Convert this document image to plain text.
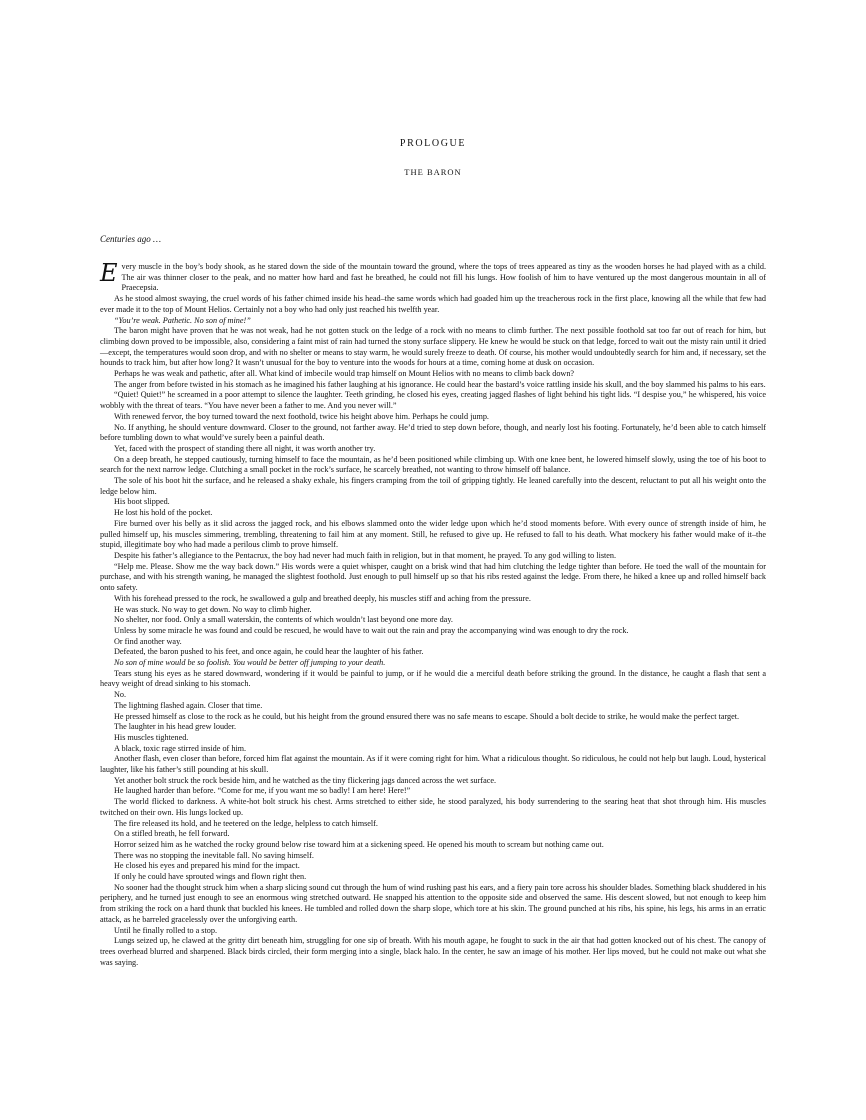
PROLOGUE
THE BARON
Centuries ago …

Every muscle in the boy’s body shook, as he stared down the side of the mountain toward the ground, where the tops of trees appeared as tiny as the wooden horses he had played with as a child. The air was thinner closer to the peak, and no matter how hard and fast he breathed, he could not fill his lungs. How foolish of him to have ventured up the most dangerous mountain in all of Praecepsia.

As he stood almost swaying, the cruel words of his father chimed inside his head–the same words which had goaded him up the treacherous rock in the first place, knowing all the while that few had ever made it to the top of Mount Helios. Certainly not a boy who had only just reached his twelfth year.

“You’re weak. Pathetic. No son of mine!”

The baron might have proven that he was not weak, had he not gotten stuck on the ledge of a rock with no means to climb further. The next possible foothold sat too far out of reach for him, but climbing down proved to be impossible, also, considering a faint mist of rain had turned the stony surface slippery. He knew he would be stuck on that ledge, forced to wait out the misty rain until it dried—except, the temperatures would soon drop, and with no shelter or means to stay warm, he would surely freeze to death. Of course, his mother would undoubtedly search for him and, if necessary, set the hounds to track him, but after how long? It wasn’t unusual for the boy to venture into the woods for hours at a time, coming home at dusk on occasion.

Perhaps he was weak and pathetic, after all. What kind of imbecile would trap himself on Mount Helios with no means to climb back down?

The anger from before twisted in his stomach as he imagined his father laughing at his ignorance. He could hear the bastard’s voice rattling inside his skull, and the boy slammed his palms to his ears.

“Quiet! Quiet!” he screamed in a poor attempt to silence the laughter. Teeth grinding, he closed his eyes, creating jagged flashes of light behind his tight lids. “I despise you,” he whispered, his voice wobbly with the threat of tears. “You have never been a father to me. And you never will.”

With renewed fervor, the boy turned toward the next foothold, twice his height above him. Perhaps he could jump.

No. If anything, he should venture downward. Closer to the ground, not farther away. He’d tried to step down before, though, and nearly lost his footing. Fortunately, he’d been able to catch himself before tumbling down to what would’ve surely been a painful death.

Yet, faced with the prospect of standing there all night, it was worth another try.

On a deep breath, he stepped cautiously, turning himself to face the mountain, as he’d been positioned while climbing up. With one knee bent, he lowered himself slowly, using the toe of his boot to search for the next narrow ledge. Clutching a small pocket in the rock’s surface, he scarcely breathed, not wanting to throw himself off balance.

The sole of his boot hit the surface, and he released a shaky exhale, his fingers cramping from the toil of gripping tightly. He leaned carefully into the descent, reluctant to put all his weight onto the ledge below him.

His boot slipped.

He lost his hold of the pocket.

Fire burned over his belly as it slid across the jagged rock, and his elbows slammed onto the wider ledge upon which he’d stood moments before. With every ounce of strength inside of him, he pulled himself up, his muscles simmering, trembling, threatening to fail him at any moment. Still, he refused to give up. He refused to fall to his death. What mockery his father would make of it–the stupid, illegitimate boy who had made a perilous climb to prove himself.

Despite his father’s allegiance to the Pentacrux, the boy had never had much faith in religion, but in that moment, he prayed. To any god willing to listen.

“Help me. Please. Show me the way back down.” His words were a quiet whisper, caught on a brisk wind that had him clutching the ledge tighter than before. He toed the wall of the mountain for purchase, and with his strength waning, he managed the slightest foothold. Just enough to pull himself up so that his ribs rested against the ledge. From there, he hiked a knee up and rolled himself back onto safety.

With his forehead pressed to the rock, he swallowed a gulp and breathed deeply, his muscles stiff and aching from the pressure.

He was stuck. No way to get down. No way to climb higher.

No shelter, nor food. Only a small waterskin, the contents of which wouldn’t last beyond one more day.

Unless by some miracle he was found and could be rescued, he would have to wait out the rain and pray the accompanying wind was enough to dry the rock.

Or find another way.

Defeated, the baron pushed to his feet, and once again, he could hear the laughter of his father.

No son of mine would be so foolish. You would be better off jumping to your death.

Tears stung his eyes as he stared downward, wondering if it would be painful to jump, or if he would die a merciful death before striking the ground. In the distance, he caught a flash that sent a heavy weight of dread sinking to his stomach.

No.

The lightning flashed again. Closer that time.

He pressed himself as close to the rock as he could, but his height from the ground ensured there was no safe means to escape. Should a bolt decide to strike, he would make the perfect target.

The laughter in his head grew louder.

His muscles tightened.

A black, toxic rage stirred inside of him.

Another flash, even closer than before, forced him flat against the mountain. As if it were coming right for him. What a ridiculous thought. So ridiculous, he could not help but laugh. Loud, hysterical laughter, like his father’s still pounding at his skull.

Yet another bolt struck the rock beside him, and he watched as the tiny flickering jags danced across the wet surface.

He laughed harder than before. “Come for me, if you want me so badly! I am here! Here!”

The world flicked to darkness. A white-hot bolt struck his chest. Arms stretched to either side, he stood paralyzed, his body surrendering to the searing heat that shot through him. His muscles twitched on their own. His lungs locked up.

The fire released its hold, and he teetered on the ledge, helpless to catch himself.

On a stifled breath, he fell forward.

Horror seized him as he watched the rocky ground below rise toward him at a sickening speed. He opened his mouth to scream but nothing came out.

There was no stopping the inevitable fall. No saving himself.

He closed his eyes and prepared his mind for the impact.

If only he could have sprouted wings and flown right then.

No sooner had the thought struck him when a sharp slicing sound cut through the hum of wind rushing past his ears, and a fiery pain tore across his shoulder blades. Something black shuddered in his periphery, and he turned just enough to see an enormous wing stretched outward. He snapped his attention to the opposite side and observed the same. His descent slowed, but not enough to keep him from striking the rock on a hard thunk that buckled his knees. He tumbled and rolled down the sharp slope, which tore at his skin. The ground punched at his ribs, his spine, his legs, his arms in an erratic attack, as he barreled gracelessly over the unforgiving earth.

Until he finally rolled to a stop.

Lungs seized up, he clawed at the gritty dirt beneath him, struggling for one sip of breath. With his mouth agape, he fought to suck in the air that had gotten knocked out of his chest. The canopy of trees overhead blurred and sharpened. Black birds circled, their form merging into a single, black halo. In the center, he saw an image of his mother. Her lips moved, but he could not make out what she was saying.
